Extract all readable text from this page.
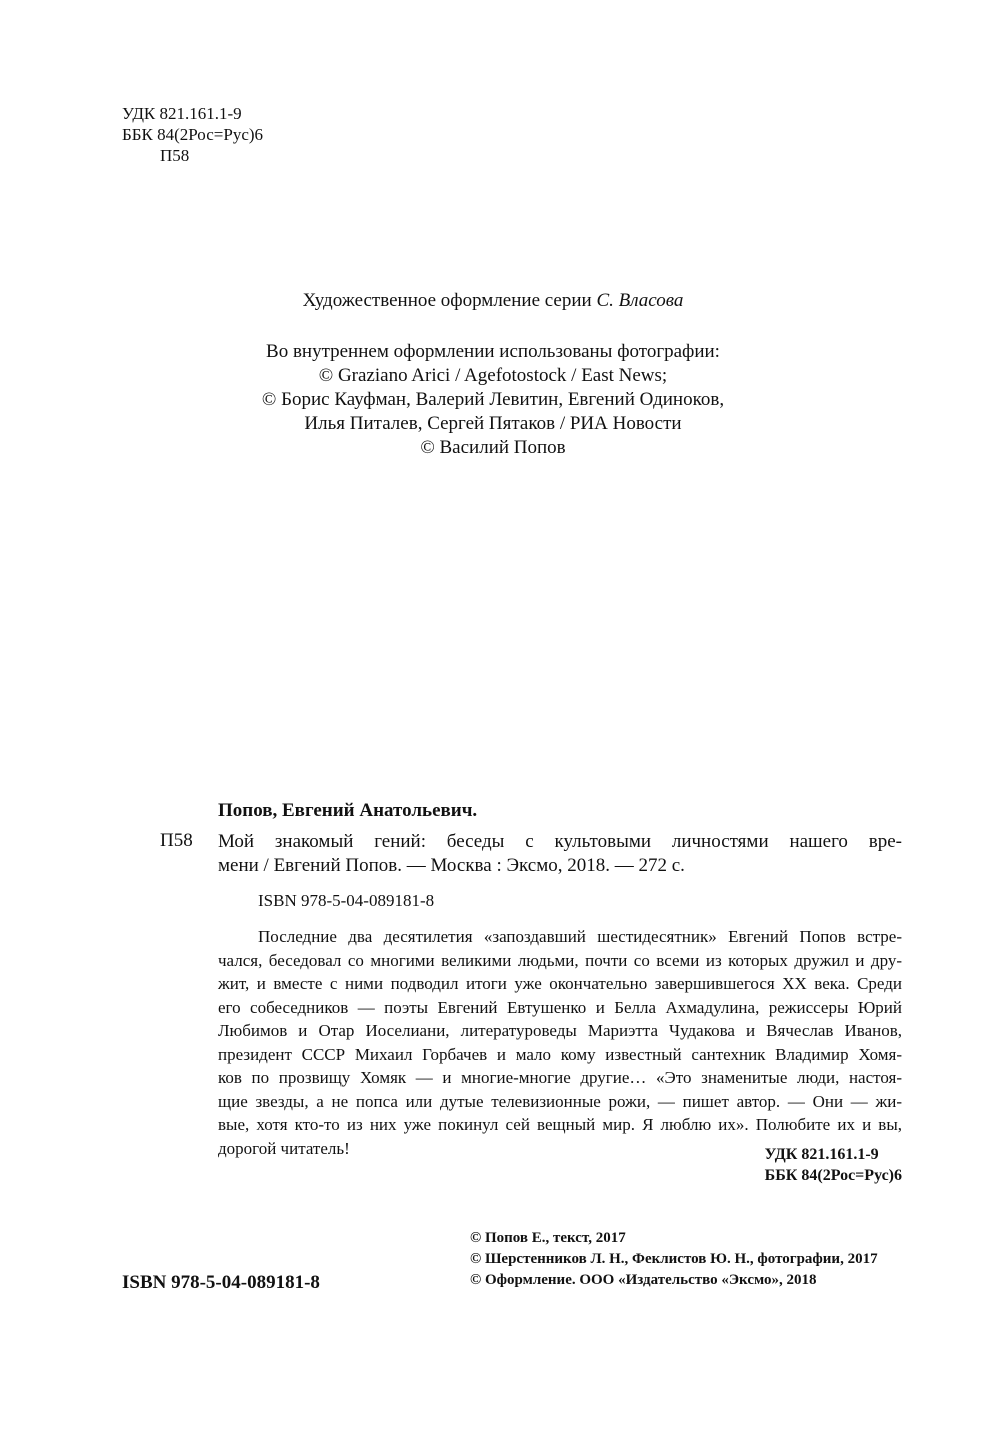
УДК 821.161.1-9
ББК 84(2Рос=Рус)6
П58
Художественное оформление серии С. Власова
Во внутреннем оформлении использованы фотографии:
© Graziano Arici / Agefotostock / East News;
© Борис Кауфман, Валерий Левитин, Евгений Одиноков,
Илья Питалев, Сергей Пятаков / РИА Новости
© Василий Попов
Попов, Евгений Анатольевич.
П58 Мой знакомый гений: беседы с культовыми личностями нашего вре-
мени / Евгений Попов. — Москва : Эксмо, 2018. — 272 с.
ISBN 978-5-04-089181-8
Последние два десятилетия «запоздавший шестидесятник» Евгений Попов встре-
чался, беседовал со многими великими людьми, почти со всеми из которых дружил и дру-
жит, и вместе с ними подводил итоги уже окончательно завершившегося ХХ века. Среди
его собеседников — поэты Евгений Евтушенко и Белла Ахмадулина, режиссеры Юрий
Любимов и Отар Иоселиани, литературоведы Мариэтта Чудакова и Вячеслав Иванов,
президент СССР Михаил Горбачев и мало кому известный сантехник Владимир Хомя-
ков по прозвищу Хомяк — и многие-многие другие… «Это знаменитые люди, настоя-
щие звезды, а не попса или дутые телевизионные рожи, — пишет автор. — Они — жи-
вые, хотя кто-то из них уже покинул сей вещный мир. Я люблю их». Полюбите их и вы,
дорогой читатель!	УДК 821.161.1-9
ББК 84(2Рос=Рус)6
© Попов Е., текст, 2017
© Шерстенников Л. Н., Феклистов Ю. Н., фотографии, 2017
© Оформление. ООО «Издательство «Эксмо», 2018
ISBN 978-5-04-089181-8
